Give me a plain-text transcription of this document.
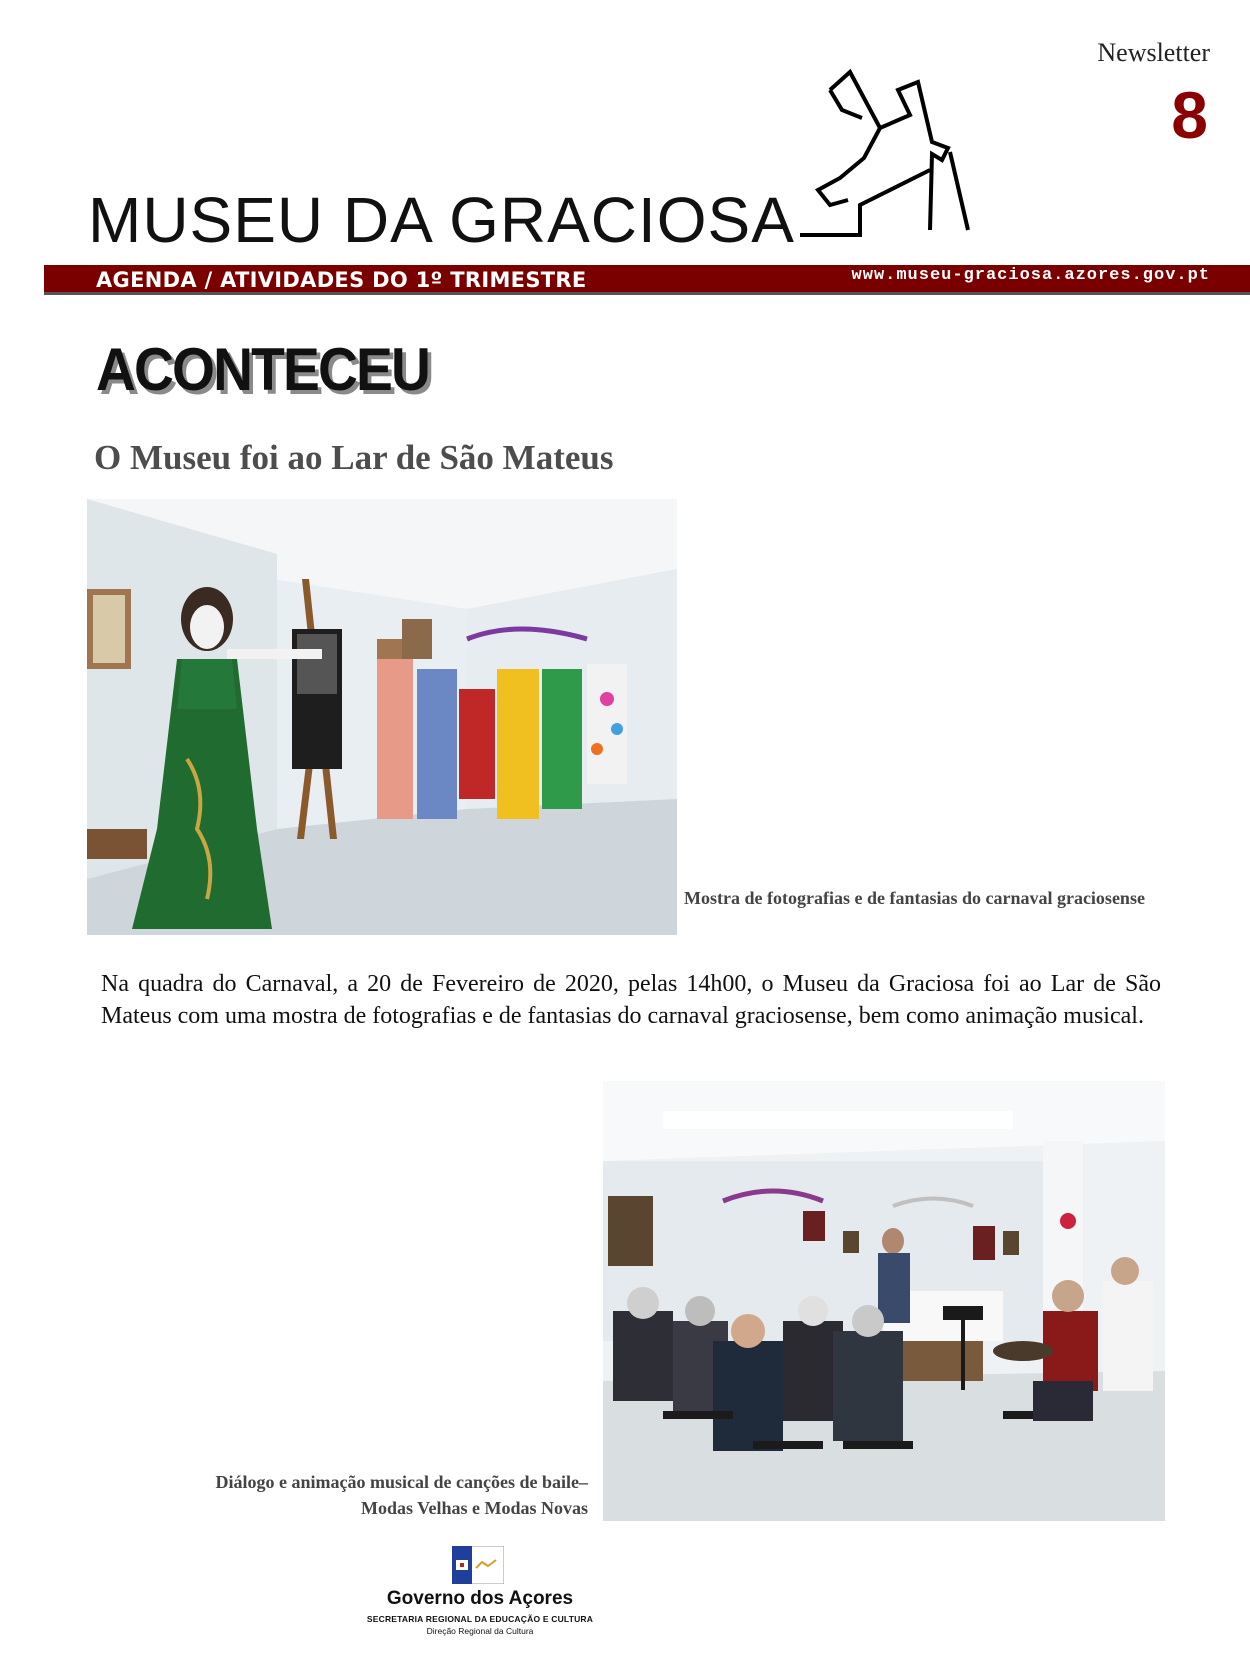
Newsletter
8
MUSEU DA GRACIOSA
AGENDA / ATIVIDADES DO 1º TRIMESTRE	www.museu-graciosa.azores.gov.pt
ACONTECEU
O Museu foi ao Lar de São Mateus
Mostra de fotografias e de fantasias do carnaval graciosense
Na quadra do Carnaval, a 20 de Fevereiro de 2020, pelas 14h00, o Museu da Graciosa foi ao Lar de São Mateus com uma mostra de fotografias e de fantasias do carnaval graciosense, bem como animação musical.
Diálogo e animação musical de canções de baile–
Modas Velhas e Modas Novas
Governo dos Açores
SECRETARIA REGIONAL DA EDUCAÇÃO E CULTURA
Direção Regional da Cultura
